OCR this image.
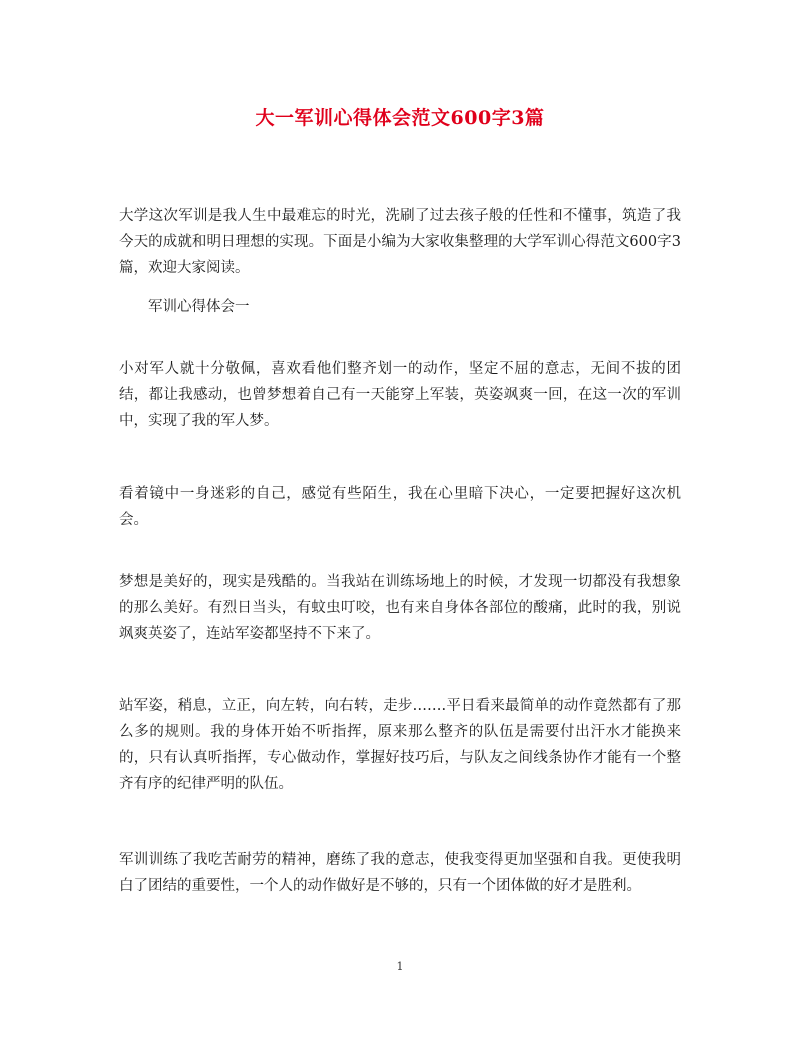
大一军训心得体会范文600字3篇

大学这次军训是我人生中最难忘的时光，洗刷了过去孩子般的任性和不懂事，筑造了我今天的成就和明日理想的实现。下面是小编为大家收集整理的大学军训心得范文600字3篇，欢迎大家阅读。

军训心得体会一

小对军人就十分敬佩，喜欢看他们整齐划一的动作，坚定不屈的意志，无间不拔的团结，都让我感动，也曾梦想着自己有一天能穿上军装，英姿飒爽一回，在这一次的军训中，实现了我的军人梦。

看着镜中一身迷彩的自己，感觉有些陌生，我在心里暗下决心，一定要把握好这次机会。

梦想是美好的，现实是残酷的。当我站在训练场地上的时候，才发现一切都没有我想象的那么美好。有烈日当头，有蚊虫叮咬，也有来自身体各部位的酸痛，此时的我，别说飒爽英姿了，连站军姿都坚持不下来了。

站军姿，稍息，立正，向左转，向右转，走步…….平日看来最简单的动作竟然都有了那么多的规则。我的身体开始不听指挥，原来那么整齐的队伍是需要付出汗水才能换来的，只有认真听指挥，专心做动作，掌握好技巧后，与队友之间线条协作才能有一个整齐有序的纪律严明的队伍。

军训训练了我吃苦耐劳的精神，磨练了我的意志，使我变得更加坚强和自我。更使我明白了团结的重要性，一个人的动作做好是不够的，只有一个团体做的好才是胜利。

1
